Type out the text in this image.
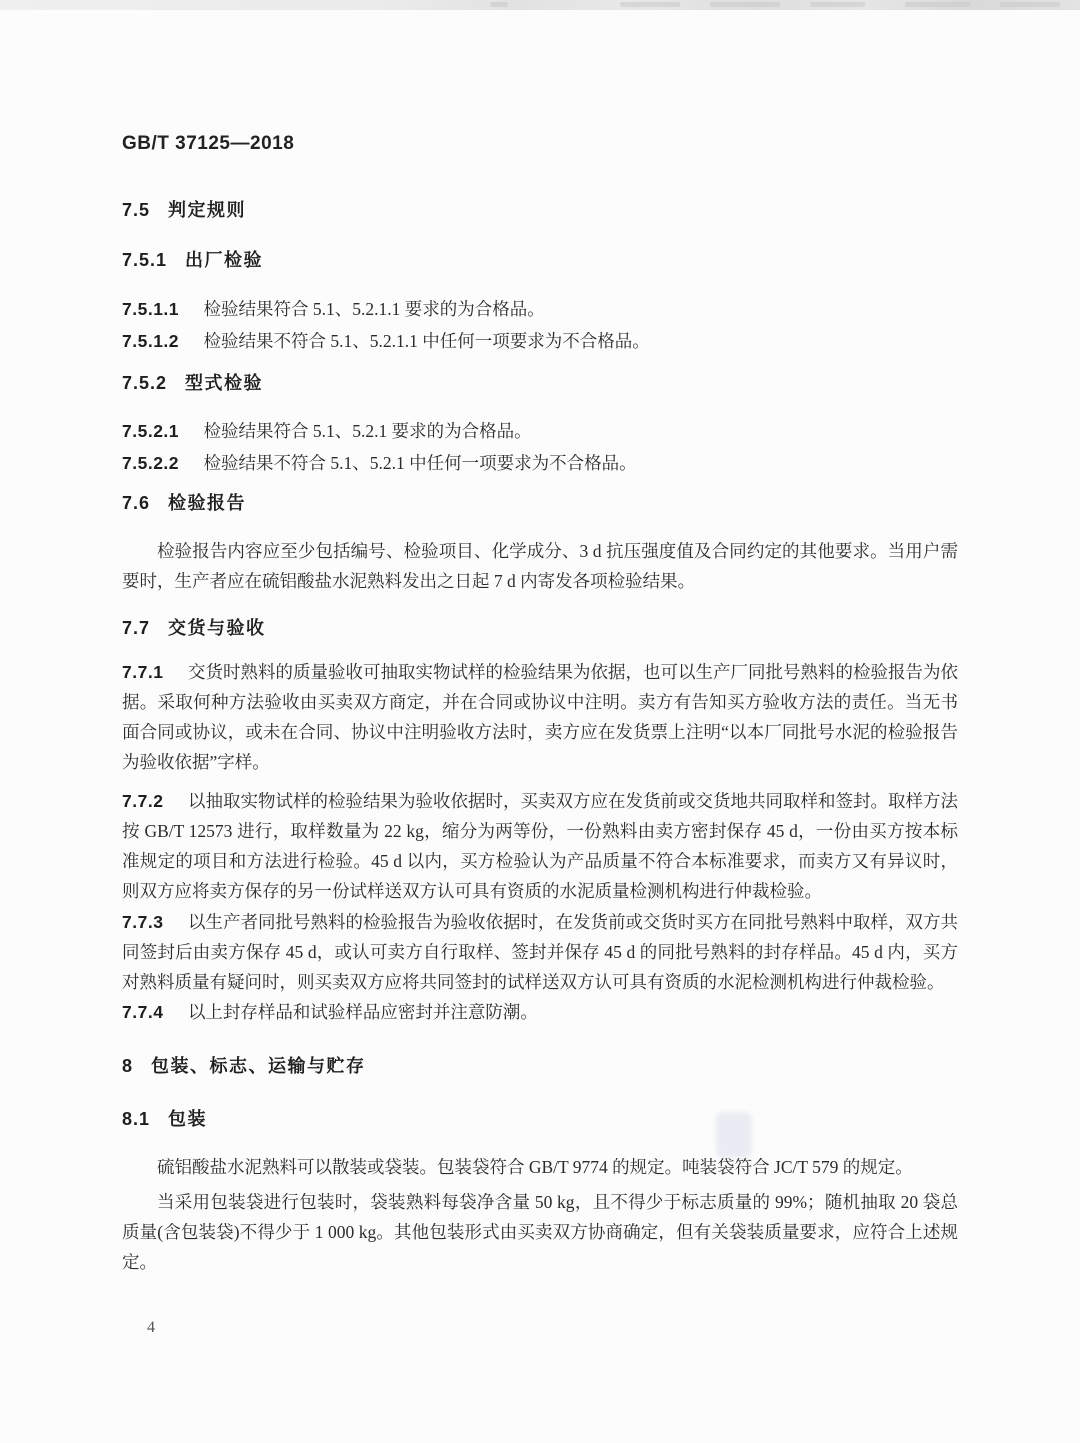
GB/T 37125—2018
7.5 判定规则
7.5.1 出厂检验

7.5.1.1 检验结果符合 5.1、5.2.1.1 要求的为合格品。

7.5.1.2 检验结果不符合 5.1、5.2.1.1 中任何一项要求为不合格品。

7.5.2 型式检验

7.5.2.1 检验结果符合 5.1、5.2.1 要求的为合格品。

7.5.2.2 检验结果不符合 5.1、5.2.1 中任何一项要求为不合格品。

7.6 检验报告

检验报告内容应至少包括编号、检验项目、化学成分、3 d 抗压强度值及合同约定的其他要求。当用户需要时，生产者应在硫铝酸盐水泥熟料发出之日起 7 d 内寄发各项检验结果。

7.7 交货与验收

7.7.1 交货时熟料的质量验收可抽取实物试样的检验结果为依据，也可以生产厂同批号熟料的检验报告为依据。采取何种方法验收由买卖双方商定，并在合同或协议中注明。卖方有告知买方验收方法的责任。当无书面合同或协议，或未在合同、协议中注明验收方法时，卖方应在发货票上注明“以本厂同批号水泥的检验报告为验收依据”字样。

7.7.2 以抽取实物试样的检验结果为验收依据时，买卖双方应在发货前或交货地共同取样和签封。取样方法按 GB/T 12573 进行，取样数量为 22 kg，缩分为两等份，一份熟料由卖方密封保存 45 d，一份由买方按本标准规定的项目和方法进行检验。45 d 以内，买方检验认为产品质量不符合本标准要求，而卖方又有异议时，则双方应将卖方保存的另一份试样送双方认可具有资质的水泥质量检测机构进行仲裁检验。

7.7.3 以生产者同批号熟料的检验报告为验收依据时，在发货前或交货时买方在同批号熟料中取样，双方共同签封后由卖方保存 45 d，或认可卖方自行取样、签封并保存 45 d 的同批号熟料的封存样品。45 d 内，买方对熟料质量有疑问时，则买卖双方应将共同签封的试样送双方认可具有资质的水泥检测机构进行仲裁检验。

7.7.4 以上封存样品和试验样品应密封并注意防潮。

8 包装、标志、运输与贮存
8.1 包装

硫铝酸盐水泥熟料可以散装或袋装。包装袋符合 GB/T 9774 的规定。吨装袋符合 JC/T 579 的规定。

当采用包装袋进行包装时，袋装熟料每袋净含量 50 kg，且不得少于标志质量的 99%；随机抽取 20 袋总质量(含包装袋)不得少于 1 000 kg。其他包装形式由买卖双方协商确定，但有关袋装质量要求，应符合上述规定。

4
